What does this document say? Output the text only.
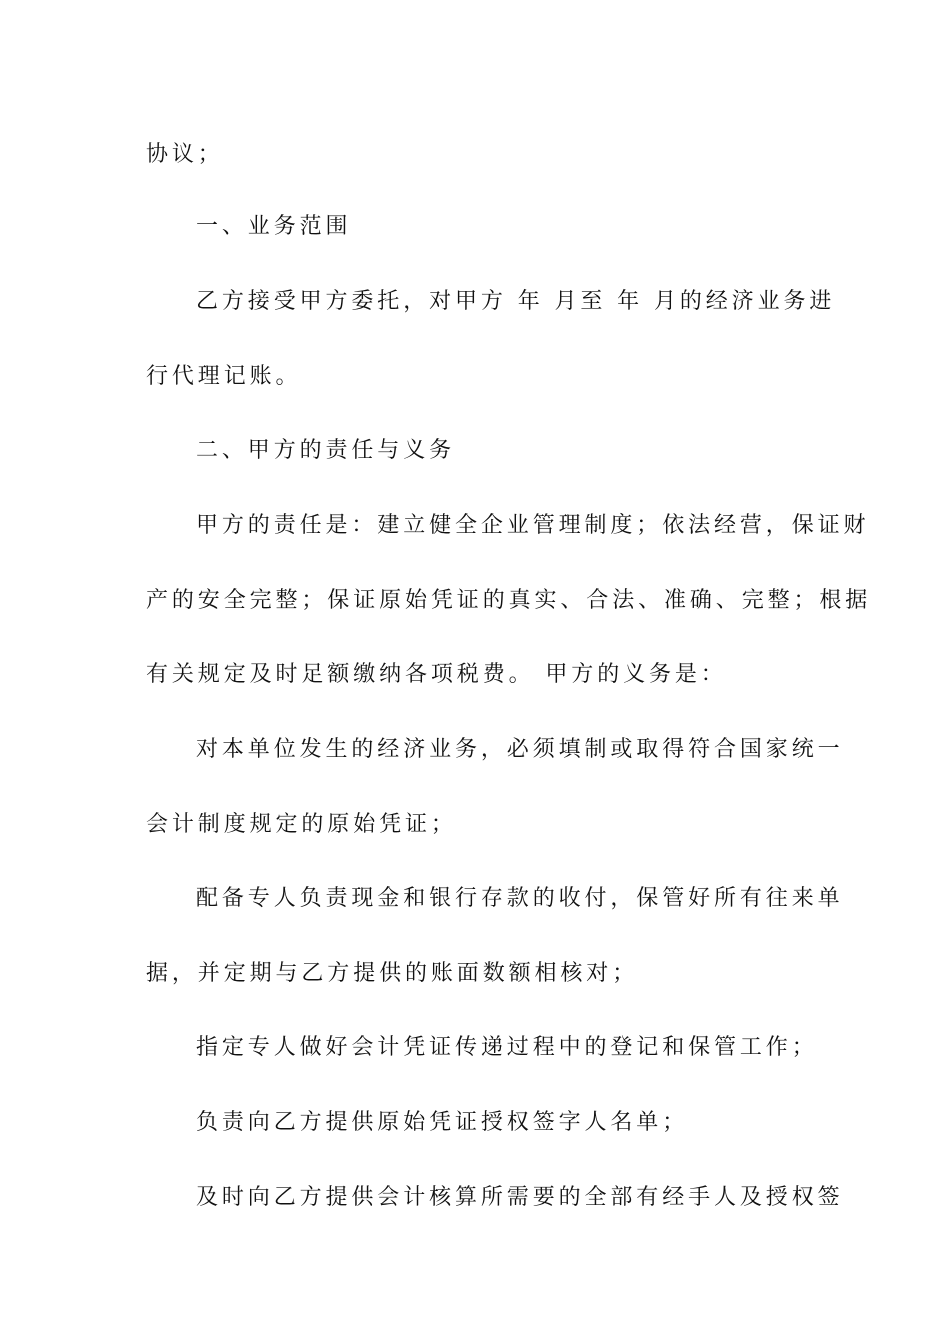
协议；
一、业务范围
乙方接受甲方委托，对甲方 年 月至 年 月的经济业务进
行代理记账。
二、甲方的责任与义务
甲方的责任是：建立健全企业管理制度；依法经营，保证财
产的安全完整；保证原始凭证的真实、合法、准确、完整；根据
有关规定及时足额缴纳各项税费。 甲方的义务是：
对本单位发生的经济业务，必须填制或取得符合国家统一
会计制度规定的原始凭证；
配备专人负责现金和银行存款的收付，保管好所有往来单
据，并定期与乙方提供的账面数额相核对；
指定专人做好会计凭证传递过程中的登记和保管工作；
负责向乙方提供原始凭证授权签字人名单；
及时向乙方提供会计核算所需要的全部有经手人及授权签
